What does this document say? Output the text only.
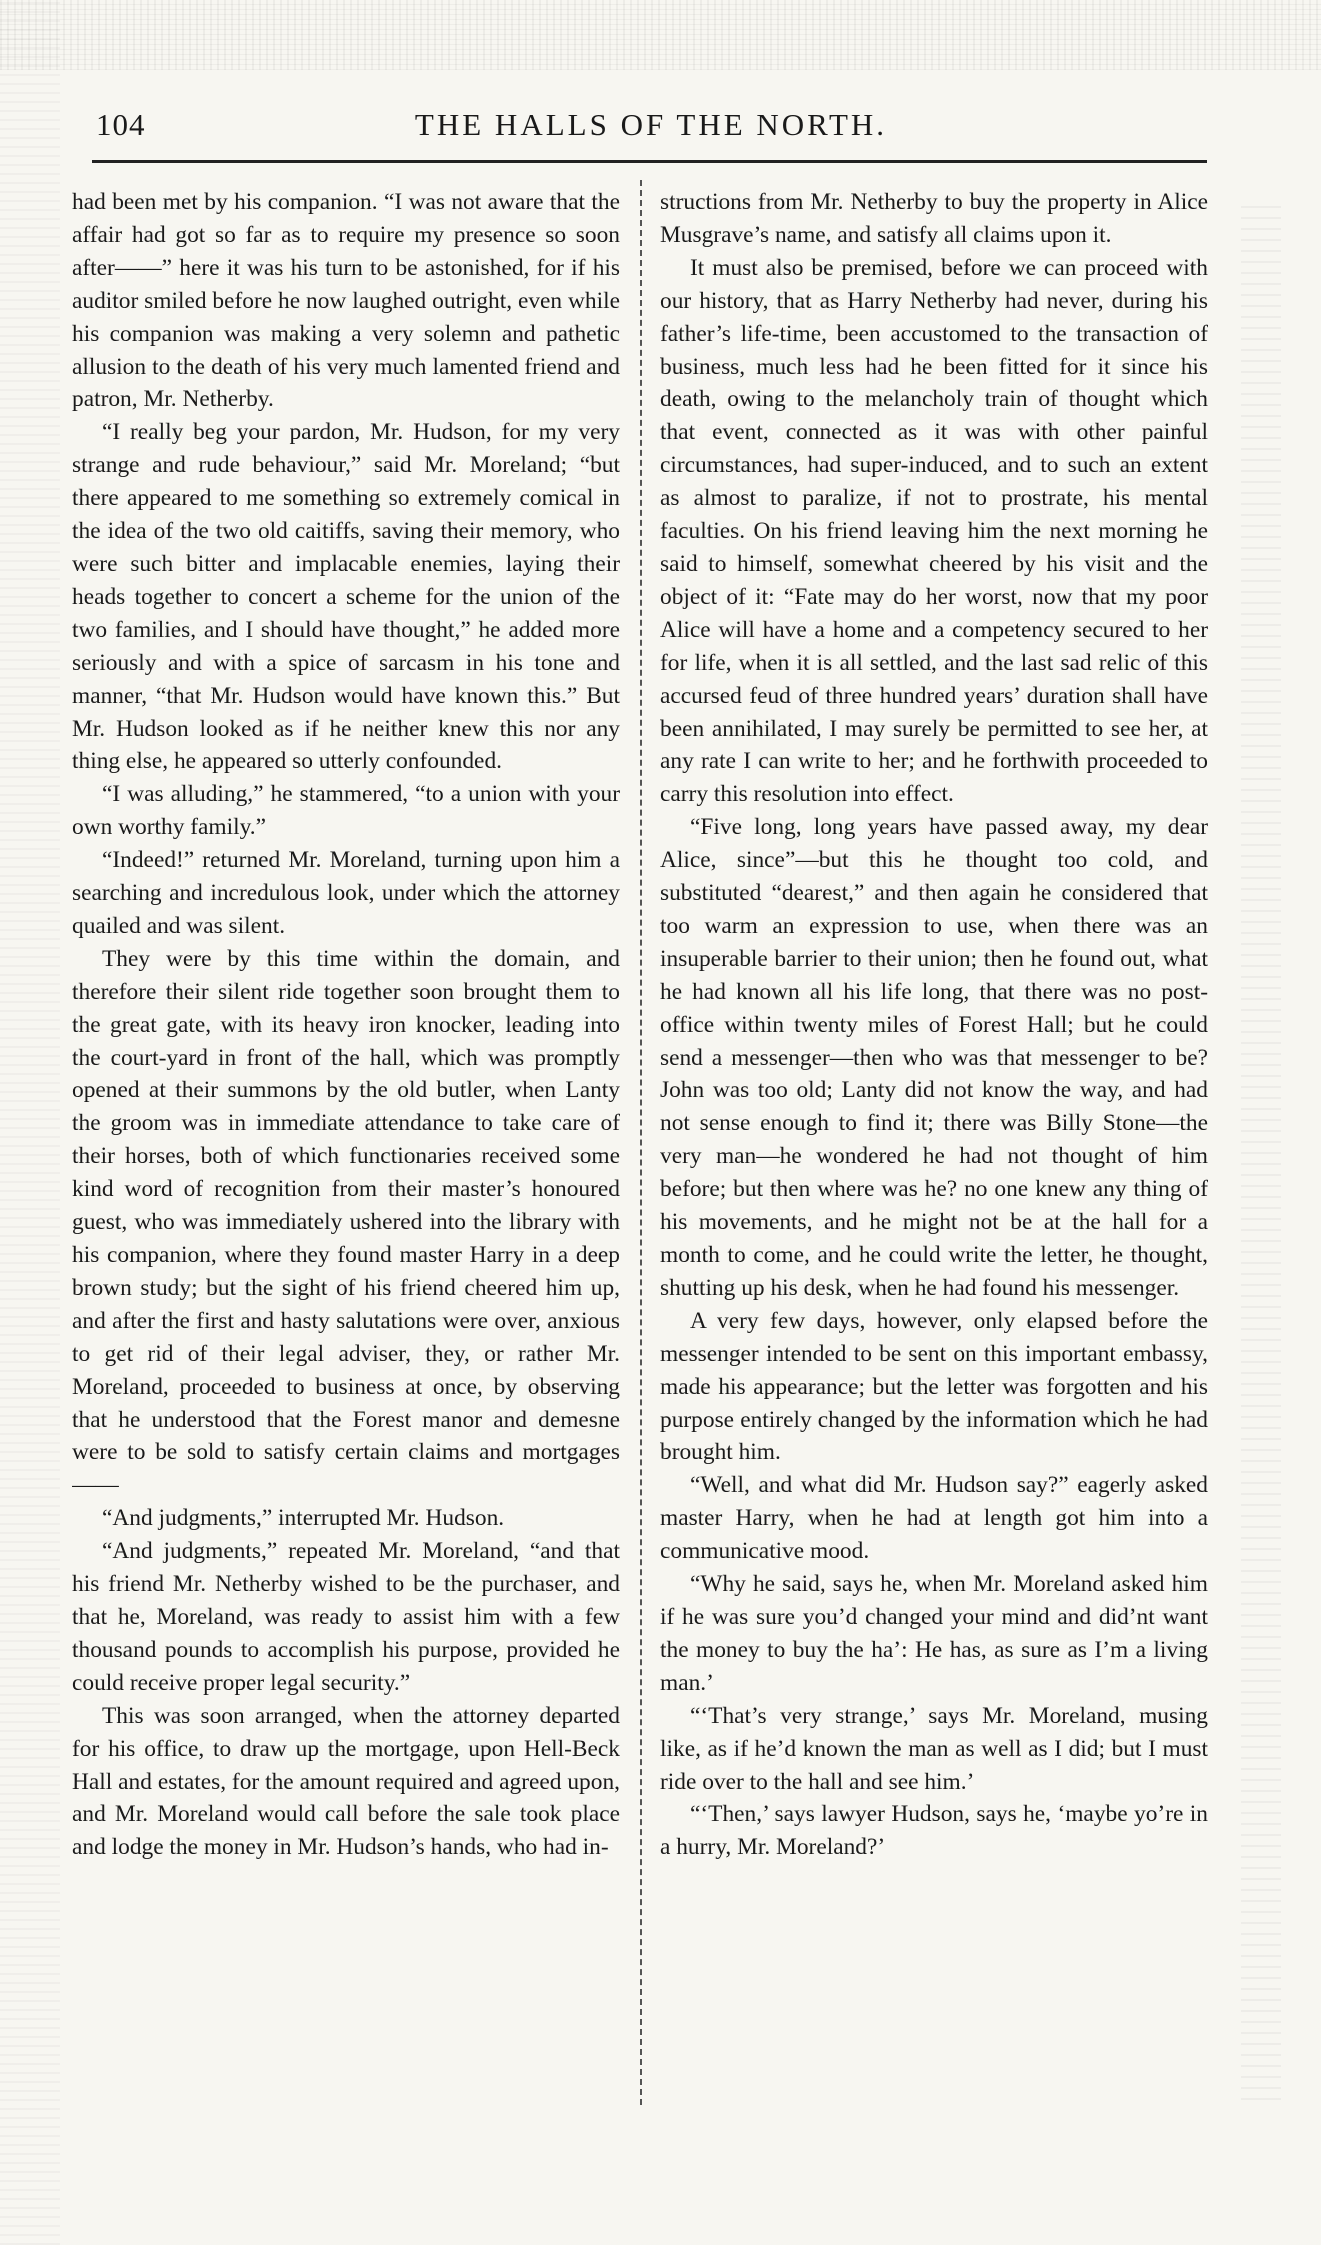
104	THE HALLS OF THE NORTH.

had been met by his companion. “I was not aware that the affair had got so far as to require my presence so soon after——” here it was his turn to be astonished, for if his auditor smiled before he now laughed outright, even while his companion was making a very solemn and pathetic allusion to the death of his very much lamented friend and patron, Mr. Netherby.

“I really beg your pardon, Mr. Hudson, for my very strange and rude behaviour,” said Mr. Moreland; “but there appeared to me something so extremely comical in the idea of the two old caitiffs, saving their memory, who were such bitter and implacable enemies, laying their heads together to concert a scheme for the union of the two families, and I should have thought,” he added more seriously and with a spice of sarcasm in his tone and manner, “that Mr. Hudson would have known this.” But Mr. Hudson looked as if he neither knew this nor any thing else, he appeared so utterly confounded.

“I was alluding,” he stammered, “to a union with your own worthy family.”

“Indeed!” returned Mr. Moreland, turning upon him a searching and incredulous look, under which the attorney quailed and was silent.

They were by this time within the domain, and therefore their silent ride together soon brought them to the great gate, with its heavy iron knocker, leading into the court-yard in front of the hall, which was promptly opened at their summons by the old butler, when Lanty the groom was in immediate attendance to take care of their horses, both of which functionaries received some kind word of recognition from their master’s honoured guest, who was immediately ushered into the library with his companion, where they found master Harry in a deep brown study; but the sight of his friend cheered him up, and after the first and hasty salutations were over, anxious to get rid of their legal adviser, they, or rather Mr. Moreland, proceeded to business at once, by observing that he understood that the Forest manor and demesne were to be sold to satisfy certain claims and mortgages——

“And judgments,” interrupted Mr. Hudson.

“And judgments,” repeated Mr. Moreland, “and that his friend Mr. Netherby wished to be the purchaser, and that he, Moreland, was ready to assist him with a few thousand pounds to accomplish his purpose, provided he could receive proper legal security.”

This was soon arranged, when the attorney departed for his office, to draw up the mortgage, upon Hell-Beck Hall and estates, for the amount required and agreed upon, and Mr. Moreland would call before the sale took place and lodge the money in Mr. Hudson’s hands, who had in-

structions from Mr. Netherby to buy the property in Alice Musgrave’s name, and satisfy all claims upon it.

It must also be premised, before we can proceed with our history, that as Harry Netherby had never, during his father’s life-time, been accustomed to the transaction of business, much less had he been fitted for it since his death, owing to the melancholy train of thought which that event, connected as it was with other painful circumstances, had super-induced, and to such an extent as almost to paralize, if not to prostrate, his mental faculties. On his friend leaving him the next morning he said to himself, somewhat cheered by his visit and the object of it: “Fate may do her worst, now that my poor Alice will have a home and a competency secured to her for life, when it is all settled, and the last sad relic of this accursed feud of three hundred years’ duration shall have been annihilated, I may surely be permitted to see her, at any rate I can write to her; and he forthwith proceeded to carry this resolution into effect.

“Five long, long years have passed away, my dear Alice, since”—but this he thought too cold, and substituted “dearest,” and then again he considered that too warm an expression to use, when there was an insuperable barrier to their union; then he found out, what he had known all his life long, that there was no post-office within twenty miles of Forest Hall; but he could send a messenger—then who was that messenger to be? John was too old; Lanty did not know the way, and had not sense enough to find it; there was Billy Stone—the very man—he wondered he had not thought of him before; but then where was he? no one knew any thing of his movements, and he might not be at the hall for a month to come, and he could write the letter, he thought, shutting up his desk, when he had found his messenger.

A very few days, however, only elapsed before the messenger intended to be sent on this important embassy, made his appearance; but the letter was forgotten and his purpose entirely changed by the information which he had brought him.

“Well, and what did Mr. Hudson say?” eagerly asked master Harry, when he had at length got him into a communicative mood.

“Why he said, says he, when Mr. Moreland asked him if he was sure you’d changed your mind and did’nt want the money to buy the ha’: He has, as sure as I’m a living man.’

“‘That’s very strange,’ says Mr. Moreland, musing like, as if he’d known the man as well as I did; but I must ride over to the hall and see him.’

“‘Then,’ says lawyer Hudson, says he, ‘maybe yo’re in a hurry, Mr. Moreland?’
